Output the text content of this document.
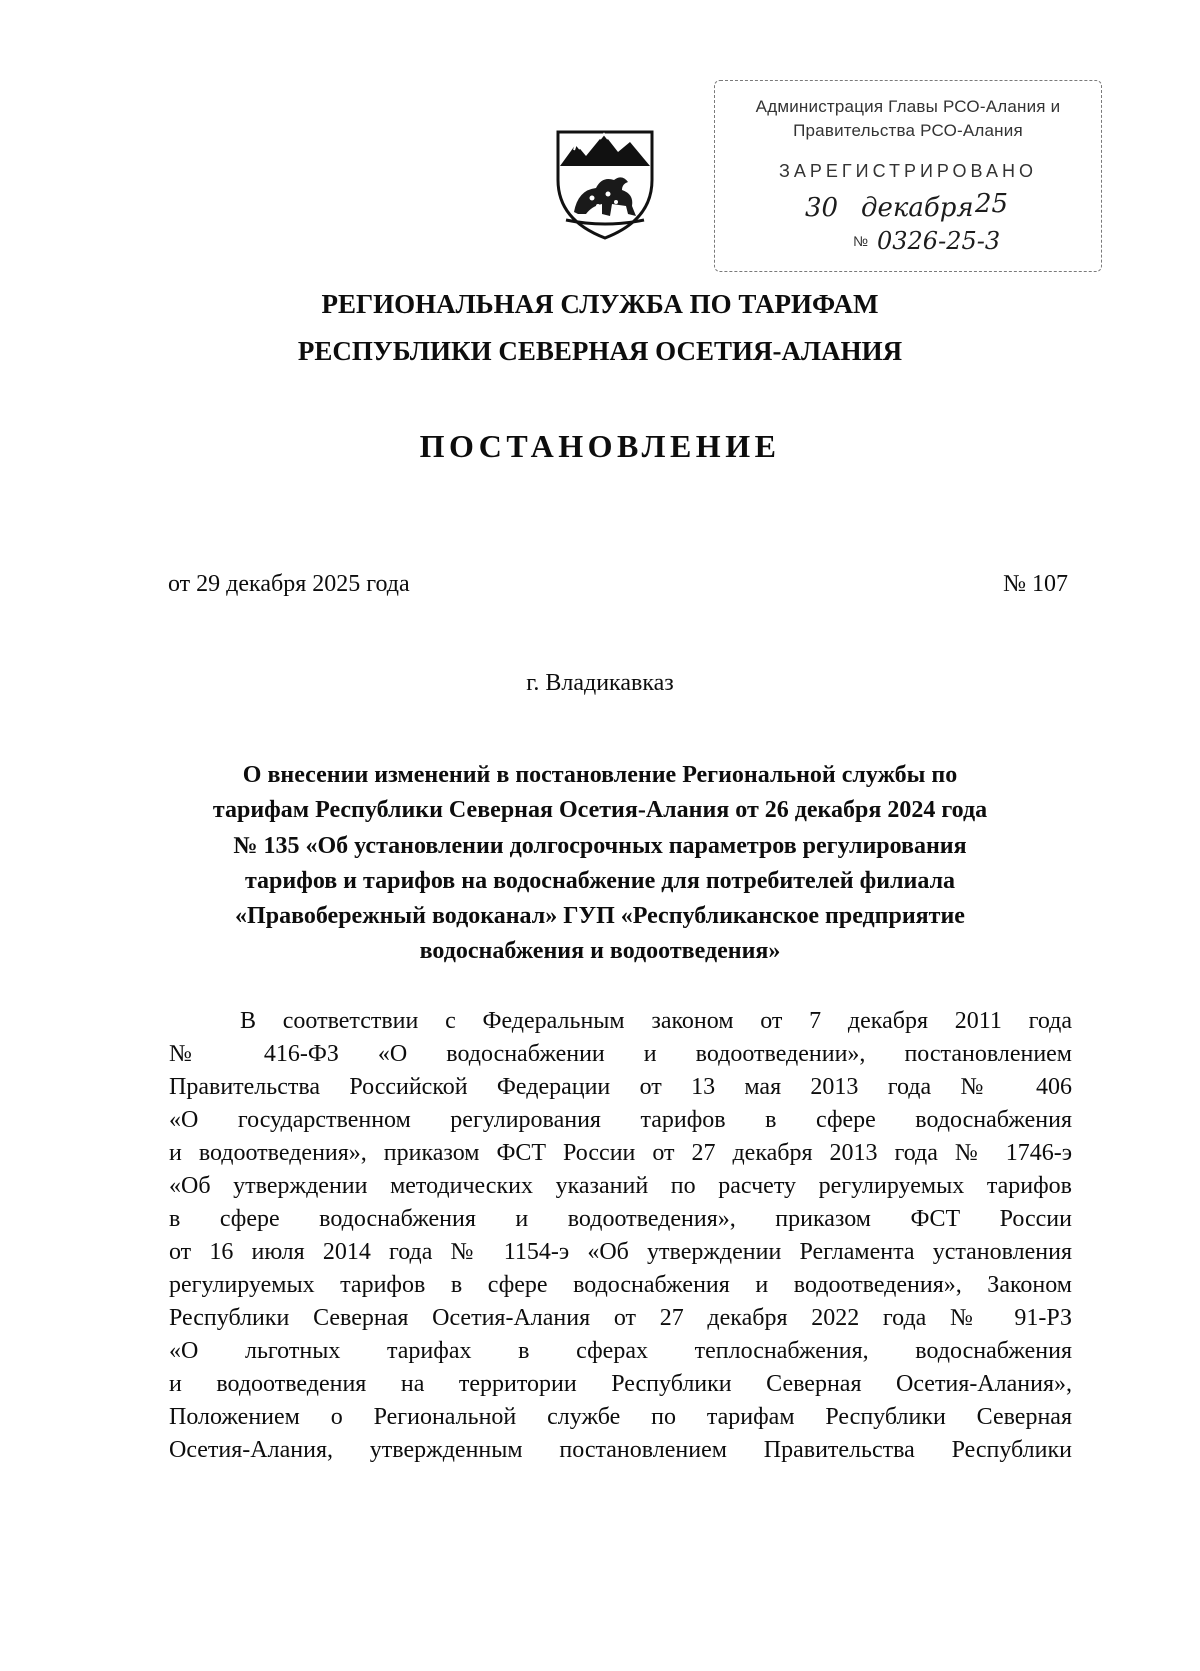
Администрация Главы РСО-Алания и
Правительства РСО-Алания
ЗАРЕГИСТРИРОВАНО
30 декабря 25
№ 0326-25-3
РЕГИОНАЛЬНАЯ СЛУЖБА ПО ТАРИФАМ
РЕСПУБЛИКИ СЕВЕРНАЯ ОСЕТИЯ-АЛАНИЯ
ПОСТАНОВЛЕНИЕ
от 29 декабря 2025 года	№ 107
г. Владикавказ
О внесении изменений в постановление Региональной службы по
тарифам Республики Северная Осетия-Алания от 26 декабря 2024 года
№ 135 «Об установлении долгосрочных параметров регулирования
тарифов и тарифов на водоснабжение для потребителей филиала
«Правобережный водоканал» ГУП «Республиканское предприятие
водоснабжения и водоотведения»
В соответствии с Федеральным законом от 7 декабря 2011 года
№ 416-ФЗ «О водоснабжении и водоотведении», постановлением
Правительства Российской Федерации от 13 мая 2013 года № 406
«О государственном регулирования тарифов в сфере водоснабжения
и водоотведения», приказом ФСТ России от 27 декабря 2013 года № 1746-э
«Об утверждении методических указаний по расчету регулируемых тарифов
в сфере водоснабжения и водоотведения», приказом ФСТ России
от 16 июля 2014 года № 1154-э «Об утверждении Регламента установления
регулируемых тарифов в сфере водоснабжения и водоотведения», Законом
Республики Северная Осетия-Алания от 27 декабря 2022 года № 91-РЗ
«О льготных тарифах в сферах теплоснабжения, водоснабжения
и водоотведения на территории Республики Северная Осетия-Алания»,
Положением о Региональной службе по тарифам Республики Северная
Осетия-Алания, утвержденным постановлением Правительства Республики
